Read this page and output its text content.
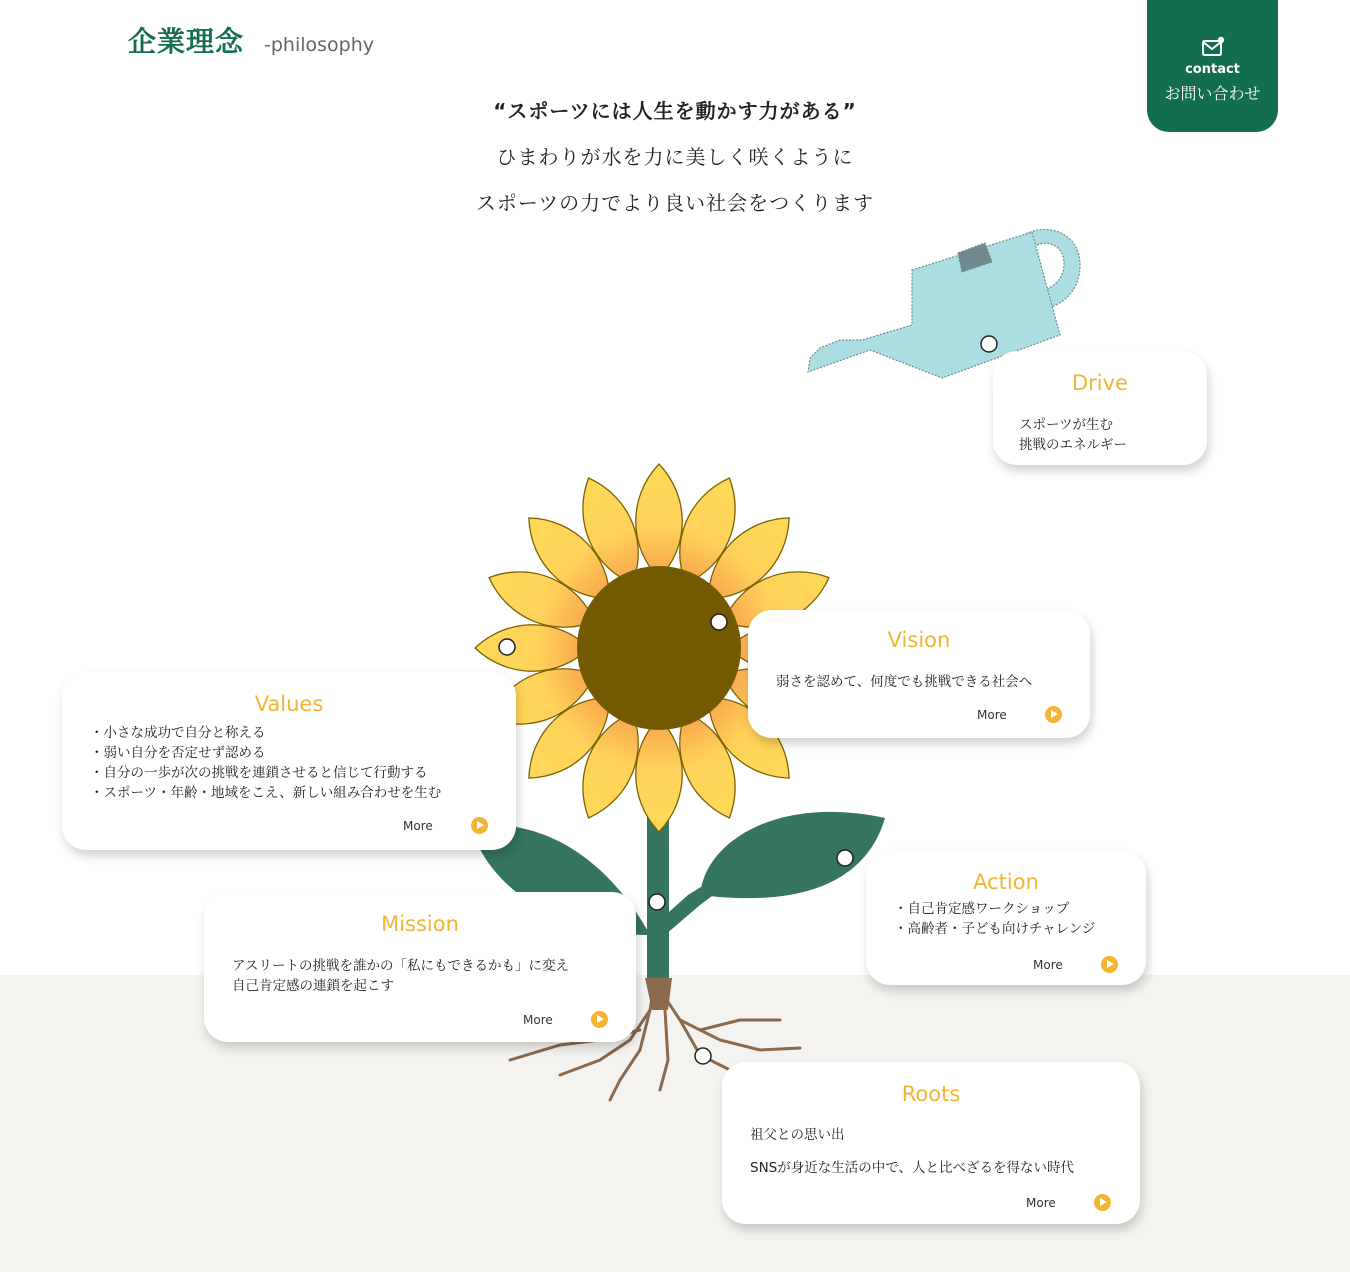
企業理念 -philosophy
contact
お問い合わせ
“スポーツには人生を動かす力がある”
ひまわりが水を力に美しく咲くように
スポーツの力でより良い社会をつくります
Drive
スポーツが生む
挑戦のエネルギー
Vision
弱さを認めて、何度でも挑戦できる社会へ
More
Values
・小さな成功で自分と称える
・弱い自分を否定せず認める
・自分の一歩が次の挑戦を連鎖させると信じて行動する
・スポーツ・年齢・地域をこえ、新しい組み合わせを生む
More
Action
・自己肯定感ワークショップ
・高齢者・子ども向けチャレンジ
More
Mission
アスリートの挑戦を誰かの「私にもできるかも」に変え
自己肯定感の連鎖を起こす
More
Roots
祖父との思い出
SNSが身近な生活の中で、人と比べざるを得ない時代
More
